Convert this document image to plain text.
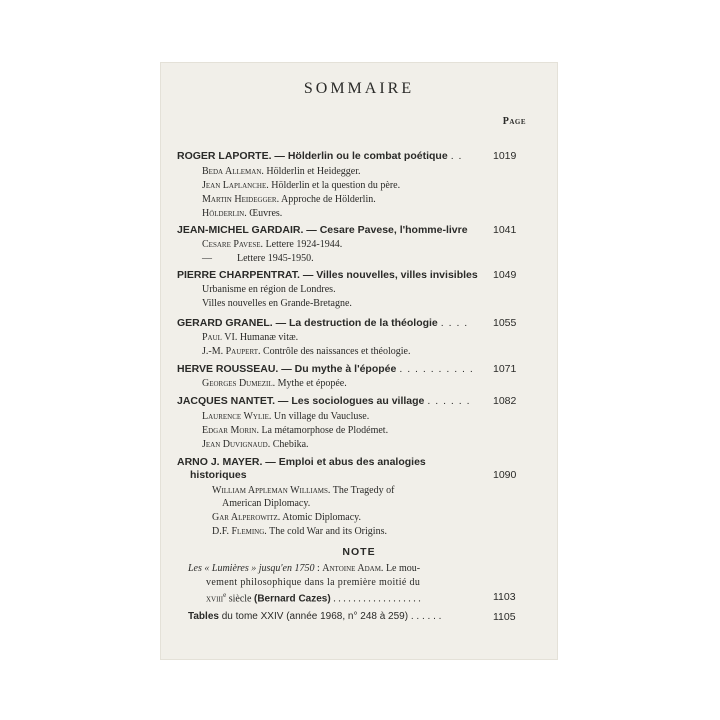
SOMMAIRE
Page
ROGER LAPORTE. — Hölderlin ou le combat poétique . .	1019
Beda Alleman. Hölderlin et Heidegger.
Jean Laplanche. Hölderlin et la question du père.
Martin Heidegger. Approche de Hölderlin.
Hölderlin. Œuvres.
JEAN-MICHEL GARDAIR. — Cesare Pavese, l'homme-livre 1041
Cesare Pavese. Lettere 1924-1944.
—          Lettere 1945-1950.
PIERRE CHARPENTRAT. — Villes nouvelles, villes invisibles 1049
Urbanisme en région de Londres.
Villes nouvelles en Grande-Bretagne.
GERARD GRANEL. — La destruction de la théologie . . . .	1055
Paul VI. Humanæ vitæ.
J.-M. Paupert. Contrôle des naissances et théologie.
HERVE ROUSSEAU. — Du mythe à l'épopée . . . . . . . . . .	1071
Georges Dumezil. Mythe et épopée.
JACQUES NANTET. — Les sociologues au village . . . . . .	1082
Laurence Wylie. Un village du Vaucluse.
Edgar Morin. La métamorphose de Plodémet.
Jean Duvignaud. Chebika.
ARNO J. MAYER. — Emploi et abus des analogies
historiques	1090
William Appleman Williams. The Tragedy of
American Diplomacy.
Gar Alperowitz. Atomic Diplomacy.
D.F. Fleming. The cold War and its Origins.
NOTE
Les « Lumières » jusqu'en 1750 : Antoine Adam. Le mou-
vement philosophique dans la première moitié du
xviii$^e$ siècle (Bernard Cazes) . . . . . . . . . . . . . . . . . .	1103
Tables du tome XXIV (année 1968, n° 248 à 259) . . . . . .	1105
